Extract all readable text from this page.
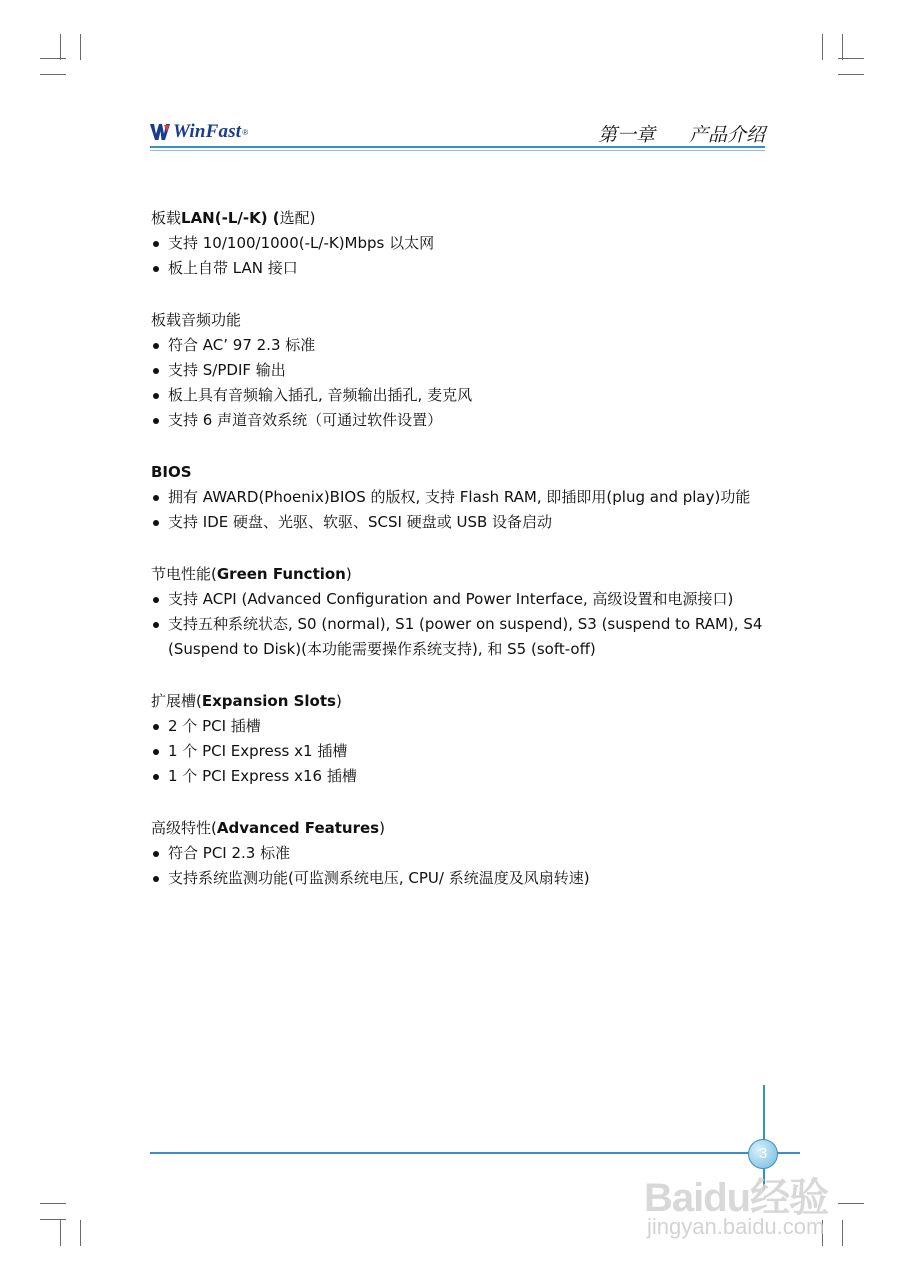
WinFast ®	第一章 产品介绍
板载LAN(-L/-K) (选配)
支持 10/100/1000(-L/-K)Mbps 以太网
板上自带 LAN 接口
板载音频功能
符合 AC’ 97 2.3 标准
支持 S/PDIF 输出
板上具有音频输入插孔, 音频输出插孔, 麦克风
支持 6 声道音效系统（可通过软件设置）
BIOS
拥有 AWARD(Phoenix)BIOS 的版权, 支持 Flash RAM, 即插即用(plug and play)功能
支持 IDE 硬盘、光驱、软驱、SCSI 硬盘或 USB 设备启动
节电性能(Green Function)
支持 ACPI (Advanced Configuration and Power Interface, 高级设置和电源接口)
支持五种系统状态, S0 (normal), S1 (power on suspend), S3 (suspend to RAM), S4 (Suspend to Disk)(本功能需要操作系统支持), 和 S5 (soft-off)
扩展槽(Expansion Slots)
2 个 PCI 插槽
1 个 PCI Express x1 插槽
1 个 PCI Express x16 插槽
高级特性(Advanced Features)
符合 PCI 2.3 标准
支持系统监测功能(可监测系统电压, CPU/ 系统温度及风扇转速)
3
Baidu经验
jingyan.baidu.com
